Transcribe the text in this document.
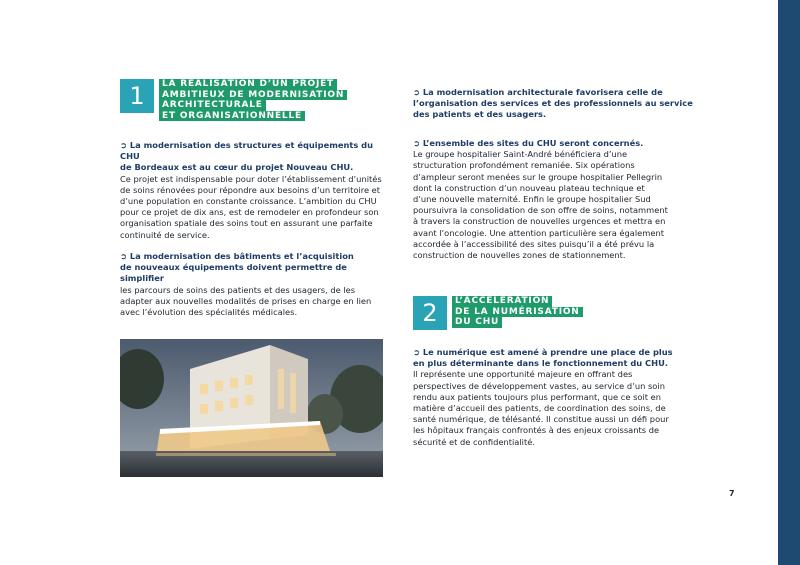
1	LA RÉALISATION D’UN PROJET
AMBITIEUX DE MODERNISATION
ARCHITECTURALE
ET ORGANISATIONNELLE
➲ La modernisation des structures et équipements du CHU
de Bordeaux est au cœur du projet Nouveau CHU.
Ce projet est indispensable pour doter l’établissement d’unités
de soins rénovées pour répondre aux besoins d’un territoire et
d’une population en constante croissance. L’ambition du CHU
pour ce projet de dix ans, est de remodeler en profondeur son
organisation spatiale des soins tout en assurant une parfaite
continuité de service.
➲ La modernisation des bâtiments et l’acquisition
de nouveaux équipements doivent permettre de simplifier
les parcours de soins des patients et des usagers, de les
adapter aux nouvelles modalités de prises en charge en lien
avec l’évolution des spécialités médicales.
➲ La modernisation architecturale favorisera celle de
l’organisation des services et des professionnels au service
des patients et des usagers.
➲ L’ensemble des sites du CHU seront concernés.
Le groupe hospitalier Saint-André bénéficiera d’une
structuration profondément remaniée. Six opérations
d’ampleur seront menées sur le groupe hospitalier Pellegrin
dont la construction d’un nouveau plateau technique et
d’une nouvelle maternité. Enfin le groupe hospitalier Sud
poursuivra la consolidation de son offre de soins, notamment
à travers la construction de nouvelles urgences et mettra en
avant l’oncologie. Une attention particulière sera également
accordée à l’accessibilité des sites puisqu’il a été prévu la
construction de nouvelles zones de stationnement.
2	L’ACCÉLÉRATION
DE LA NUMÉRISATION
DU CHU
➲ Le numérique est amené à prendre une place de plus
en plus déterminante dans le fonctionnement du CHU.
Il représente une opportunité majeure en offrant des
perspectives de développement vastes, au service d’un soin
rendu aux patients toujours plus performant, que ce soit en
matière d’accueil des patients, de coordination des soins, de
santé numérique, de télésanté. Il constitue aussi un défi pour
les hôpitaux français confrontés à des enjeux croissants de
sécurité et de confidentialité.
7
